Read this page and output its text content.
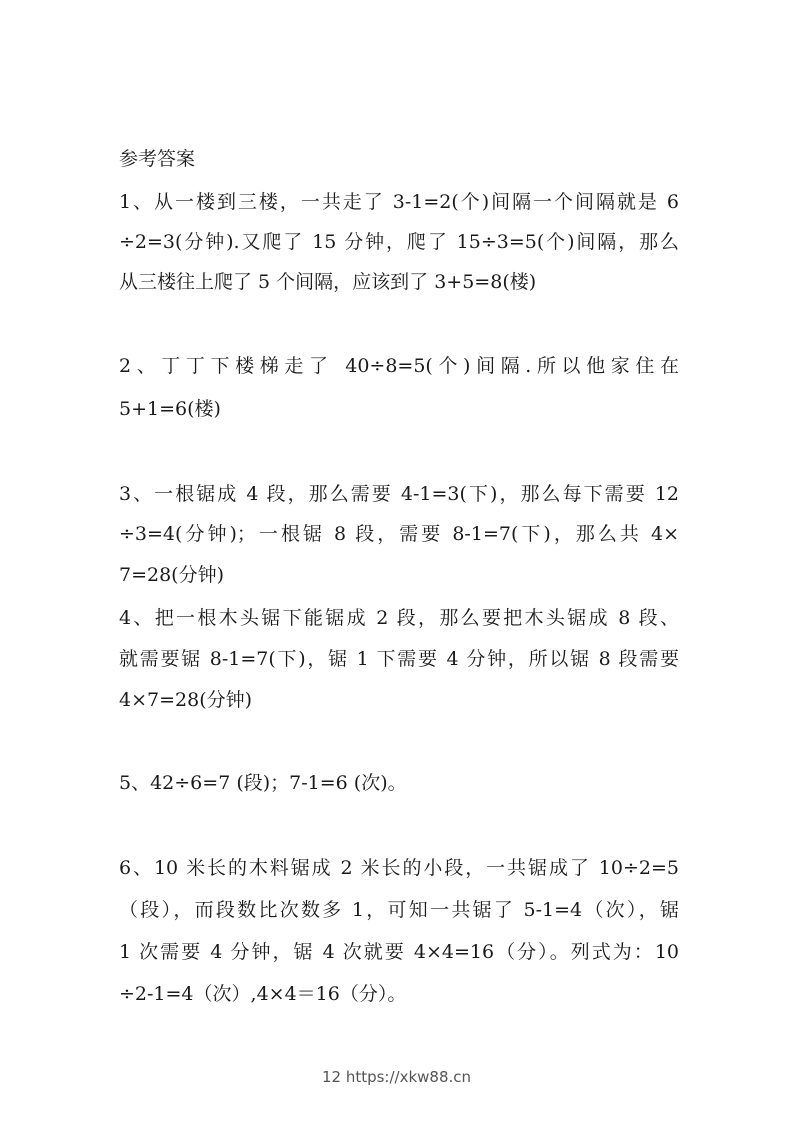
参考答案
1、从一楼到三楼，一共走了 3-1=2(个)间隔一个间隔就是 6
÷2=3(分钟).又爬了 15 分钟，爬了 15÷3=5(个)间隔，那么
从三楼往上爬了 5 个间隔，应该到了 3+5=8(楼)
2、丁丁下楼梯走了 40÷8=5(个)间隔.所以他家住在
5+1=6(楼)
3、一根锯成 4 段，那么需要 4-1=3(下)，那么每下需要 12
÷3=4(分钟)；一根锯 8 段，需要 8-1=7(下)，那么共 4×
7=28(分钟)
4、把一根木头锯下能锯成 2 段，那么要把木头锯成 8 段、
就需要锯 8-1=7(下)，锯 1 下需要 4 分钟，所以锯 8 段需要
4×7=28(分钟)
5、42÷6=7 (段)；7-1=6 (次)。
6、10 米长的木料锯成 2 米长的小段，一共锯成了 10÷2=5
（段），而段数比次数多 1，可知一共锯了 5-1=4（次），锯
1 次需要 4 分钟，锯 4 次就要 4×4=16（分）。列式为：10
÷2-1=4（次）,4×4＝16（分）。
12 https://xkw88.cn
